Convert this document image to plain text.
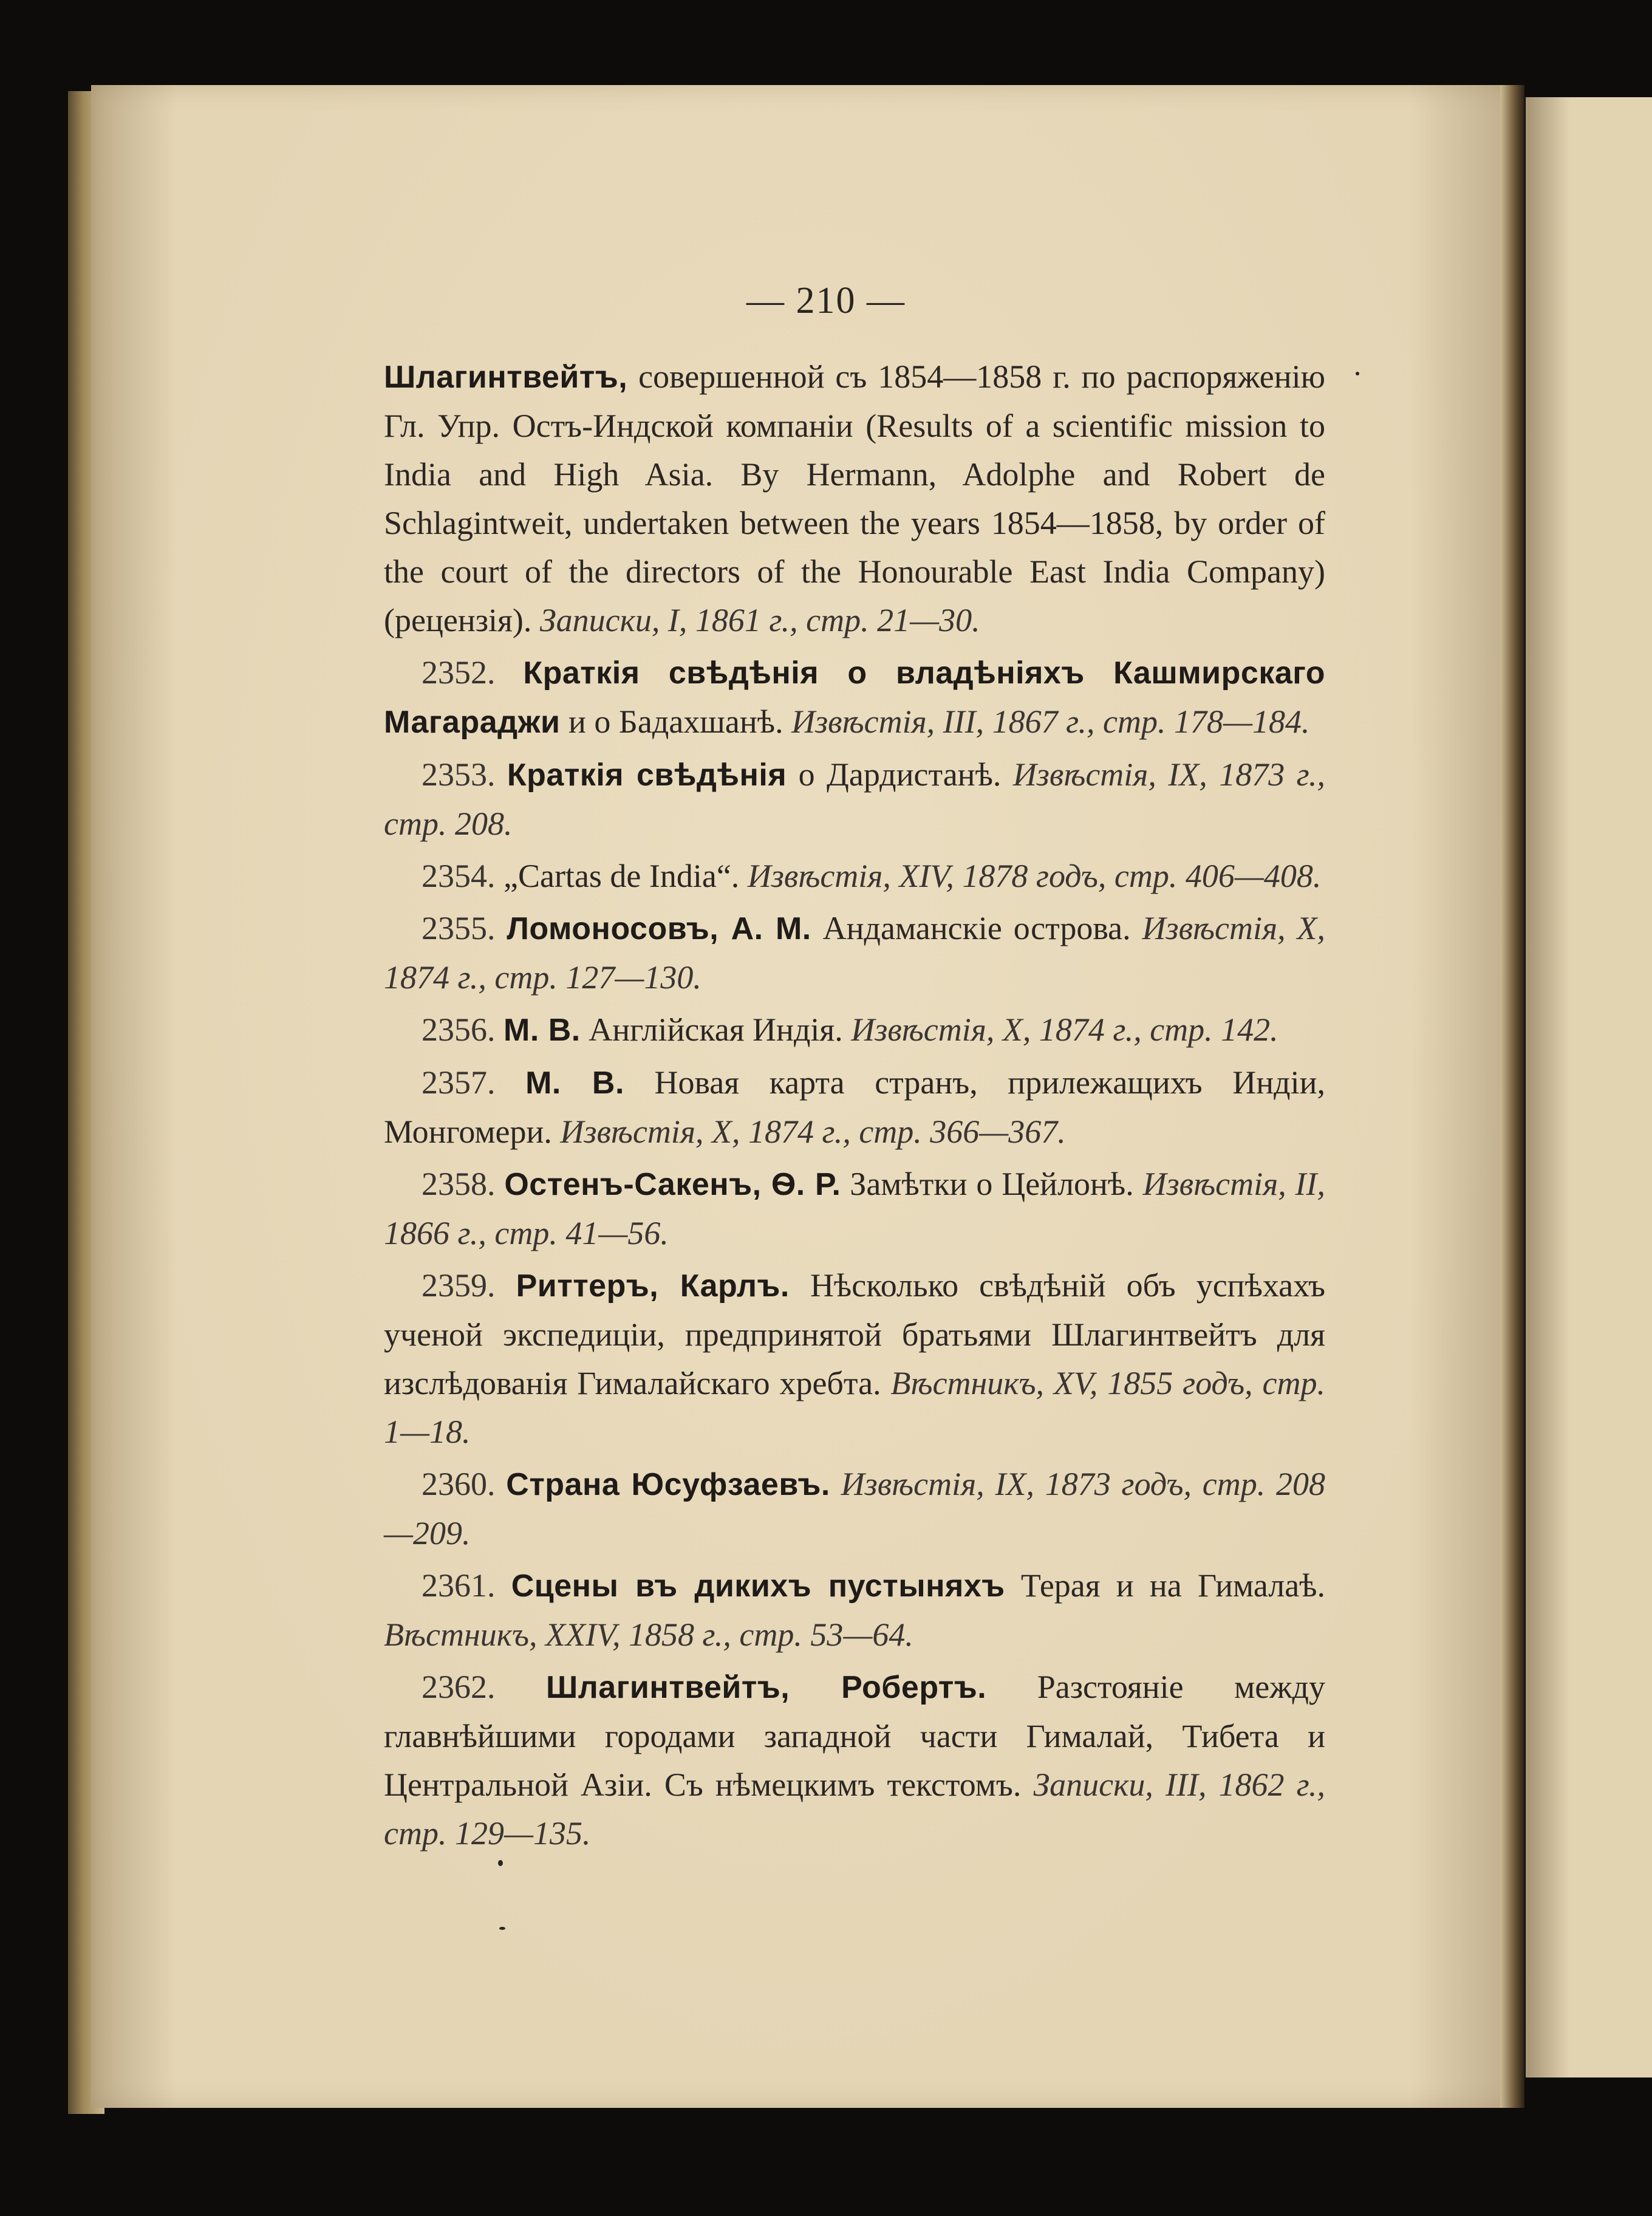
— 210 —

Шлагинтвейтъ, совершенной съ 1854—1858 г. по распоряженію Гл. Упр. Остъ-Индской компаніи (Results of a scientific mission to India and High Asia. By Hermann, Adolphe and Robert de Schlagintweit, undertaken between the years 1854—1858, by order of the court of the directors of the Honourable East India Company) (рецензія). Записки, I, 1861 г., стр. 21—30.

2352. Краткія свѣдѣнія о владѣніяхъ Кашмирскаго Магараджи и о Бадахшанѣ. Извѣстія, III, 1867 г., стр. 178—184.

2353. Краткія свѣдѣнія о Дардистанѣ. Извѣстія, IX, 1873 г., стр. 208.

2354. „Cartas de India“. Извѣстія, XIV, 1878 годъ, стр. 406—408.

2355. Ломоносовъ, А. М. Андаманскіе острова. Извѣстія, X, 1874 г., стр. 127—130.

2356. М. В. Англійская Индія. Извѣстія, X, 1874 г., стр. 142.

2357. М. В. Новая карта странъ, прилежащихъ Индіи, Монгомери. Извѣстія, X, 1874 г., стр. 366—367.

2358. Остенъ-Сакенъ, Ѳ. Р. Замѣтки о Цейлонѣ. Извѣстія, II, 1866 г., стр. 41—56.

2359. Риттеръ, Карлъ. Нѣсколько свѣдѣній объ успѣхахъ ученой экспедиціи, предпринятой братьями Шлагинтвейтъ для изслѣдованія Гималайскаго хребта. Вѣстникъ, XV, 1855 годъ, стр. 1—18.

2360. Страна Юсуфзаевъ. Извѣстія, IX, 1873 годъ, стр. 208—209.

2361. Сцены въ дикихъ пустыняхъ Терая и на Гималаѣ. Вѣстникъ, XXIV, 1858 г., стр. 53—64.

2362. Шлагинтвейтъ, Робертъ. Разстояніе между главнѣйшими городами западной части Гималай, Тибета и Центральной Азіи. Съ нѣмецкимъ текстомъ. Записки, III, 1862 г., стр. 129—135.
